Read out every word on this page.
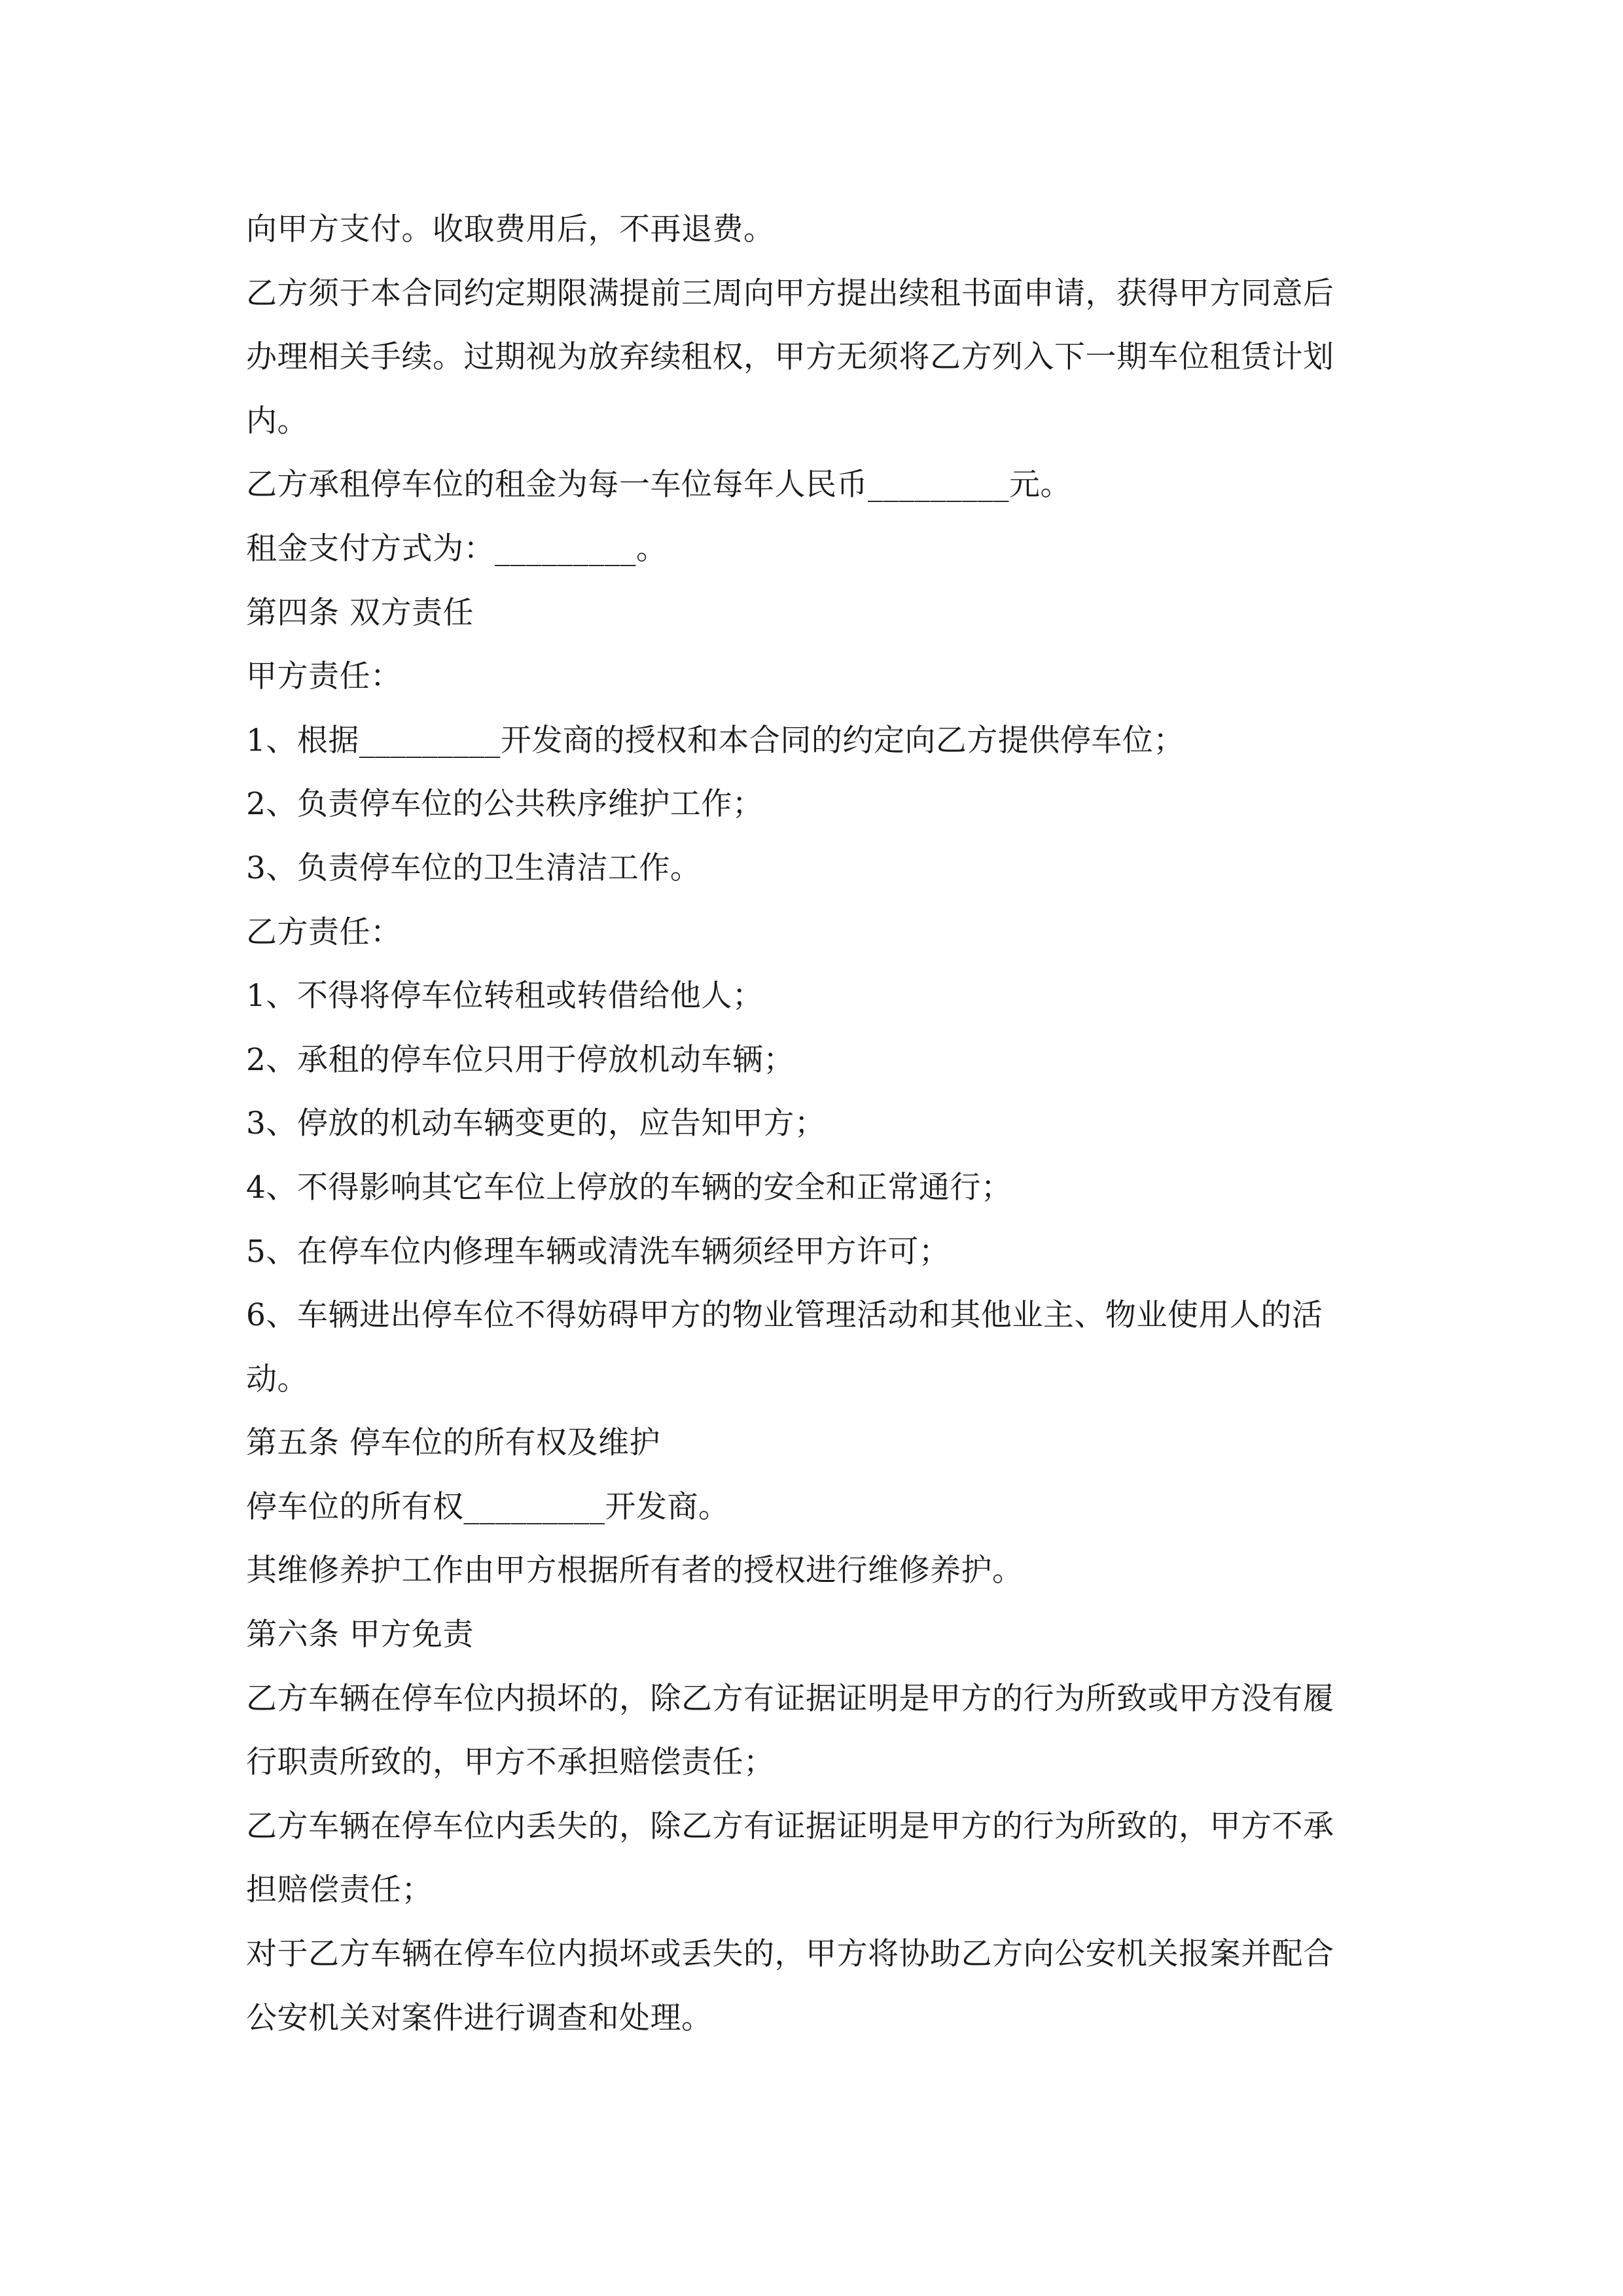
向甲方支付。收取费用后，不再退费。
乙方须于本合同约定期限满提前三周向甲方提出续租书面申请，获得甲方同意后
办理相关手续。过期视为放弃续租权，甲方无须将乙方列入下一期车位租赁计划
内。
乙方承租停车位的租金为每一车位每年人民币_________元。
租金支付方式为：_________。
第四条 双方责任
甲方责任：
1、根据_________开发商的授权和本合同的约定向乙方提供停车位；
2、负责停车位的公共秩序维护工作；
3、负责停车位的卫生清洁工作。
乙方责任：
1、不得将停车位转租或转借给他人；
2、承租的停车位只用于停放机动车辆；
3、停放的机动车辆变更的，应告知甲方；
4、不得影响其它车位上停放的车辆的安全和正常通行；
5、在停车位内修理车辆或清洗车辆须经甲方许可；
6、车辆进出停车位不得妨碍甲方的物业管理活动和其他业主、物业使用人的活
动。
第五条 停车位的所有权及维护
停车位的所有权_________开发商。
其维修养护工作由甲方根据所有者的授权进行维修养护。
第六条 甲方免责
乙方车辆在停车位内损坏的，除乙方有证据证明是甲方的行为所致或甲方没有履
行职责所致的，甲方不承担赔偿责任；
乙方车辆在停车位内丢失的，除乙方有证据证明是甲方的行为所致的，甲方不承
担赔偿责任；
对于乙方车辆在停车位内损坏或丢失的，甲方将协助乙方向公安机关报案并配合
公安机关对案件进行调查和处理。
